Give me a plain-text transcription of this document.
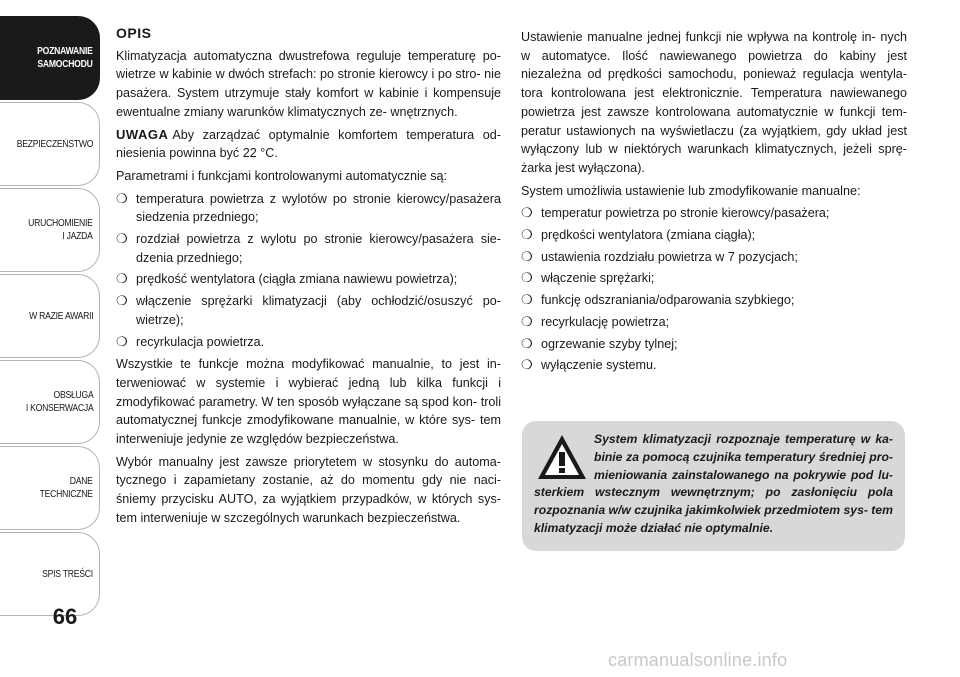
POZNAWANIE
SAMOCHODU
BEZPIECZEŃSTWO
URUCHOMIENIE
I JAZDA
W RAZIE AWARII
OBSŁUGA
I KONSERWACJA
DANE
TECHNICZNE
SPIS TREŚCI
66

OPIS

Klimatyzacja automatyczna dwustrefowa reguluje temperaturę po- wietrze w kabinie w dwóch strefach: po stronie kierowcy i po stro- nie pasażera. System utrzymuje stały komfort w kabinie i kompensuje ewentualne zmiany warunków klimatycznych ze- wnętrznych.

UWAGA Aby zarządzać optymalnie komfortem temperatura od- niesienia powinna być 22 °C.

Parametrami i funkcjami kontrolowanymi automatycznie są:

❍ temperatura powietrza z wylotów po stronie kierowcy/pasażera siedzenia przedniego;
❍ rozdział powietrza z wylotu po stronie kierowcy/pasażera sie- dzenia przedniego;
❍ prędkość wentylatora (ciągła zmiana nawiewu powietrza);
❍ włączenie sprężarki klimatyzacji (aby ochłodzić/osuszyć po- wietrze);
❍ recyrkulacja powietrza.

Wszystkie te funkcje można modyfikować manualnie, to jest in- terweniować w systemie i wybierać jedną lub kilka funkcji i zmodyfikować parametry. W ten sposób wyłączane są spod kon- troli automatycznej funkcje zmodyfikowane manualnie, w które sys- tem interweniuje jedynie ze względów bezpieczeństwa.

Wybór manualny jest zawsze priorytetem w stosynku do automa- tycznego i zapamietany zostanie, aż do momentu gdy nie naci- śniemy przycisku AUTO, za wyjątkiem przypadków, w których sys- tem interweniuje w szczególnych warunkach bezpieczeństwa.

Ustawienie manualne jednej funkcji nie wpływa na kontrolę in- nych w automatyce. Ilość nawiewanego powietrza do kabiny jest niezależna od prędkości samochodu, ponieważ regulacja wentyla- tora kontrolowana jest elektronicznie. Temperatura nawiewanego powietrza jest zawsze kontrolowana automatycznie w funkcji tem- peratur ustawionych na wyświetlaczu (za wyjątkiem, gdy układ jest wyłączony lub w niektórych warunkach klimatycznych, jeżeli sprę- żarka jest wyłączona).

System umożliwia ustawienie lub zmodyfikowanie manualne:

❍ temperatur powietrza po stronie kierowcy/pasażera;
❍ prędkości wentylatora (zmiana ciągła);
❍ ustawienia rozdziału powietrza w 7 pozycjach;
❍ włączenie sprężarki;
❍ funkcję odszraniania/odparowania szybkiego;
❍ recyrkulację powietrza;
❍ ogrzewanie szyby tylnej;
❍ wyłączenie systemu.
System klimatyzacji rozpoznaje temperaturę w ka- binie za pomocą czujnika temperatury średniej pro- mieniowania zainstalowanego na pokrywie pod lu- sterkiem wstecznym wewnętrznym; po zasłonięciu pola rozpoznania w/w czujnika jakimkolwiek przedmiotem sys- tem klimatyzacji może działać nie optymalnie.
carmanualsonline.info
